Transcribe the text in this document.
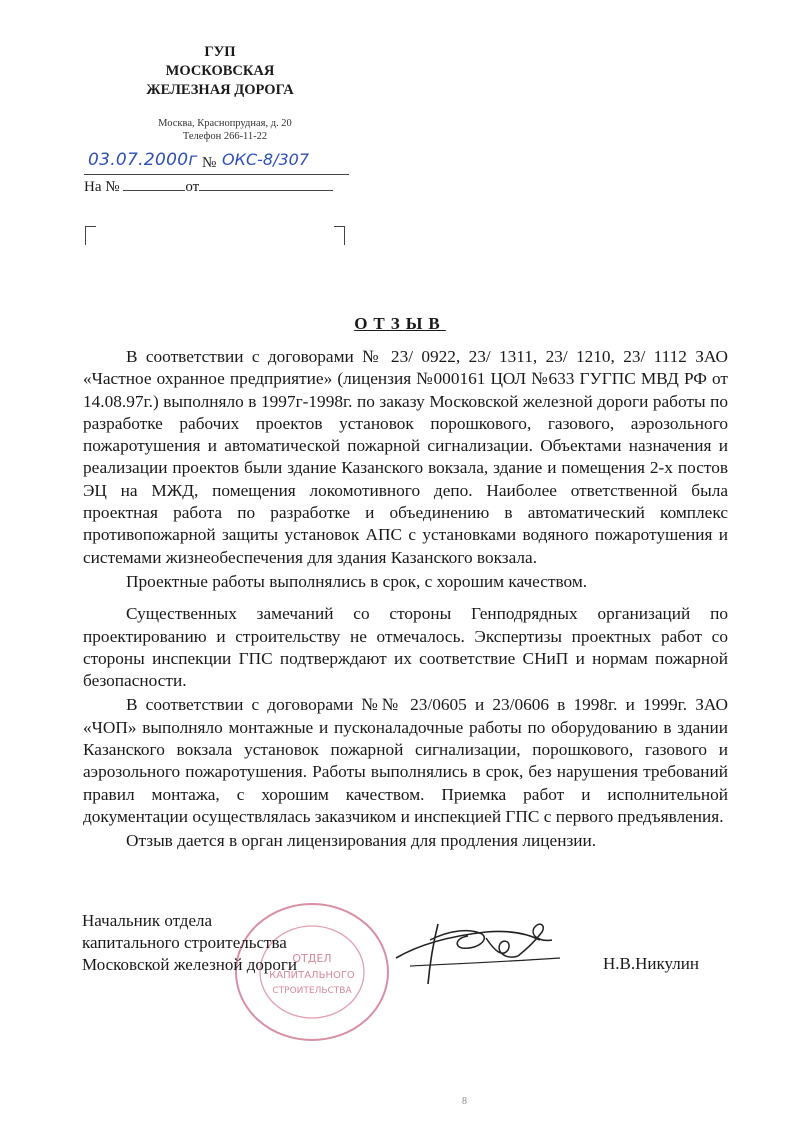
ГУП
МОСКОВСКАЯ
ЖЕЛЕЗНАЯ ДОРОГА
Москва, Краснопрудная, д. 20
Телефон 266-11-22
03.07.2000г № ОКС-8/307
На №	от
ОТЗЫВ

В соответствии с договорами № 23/ 0922, 23/ 1311, 23/ 1210, 23/ 1112 ЗАО «Частное охранное предприятие» (лицензия №000161 ЦОЛ №633 ГУГПС МВД РФ от 14.08.97г.) выполняло в 1997г-1998г. по заказу Московской железной дороги работы по разработке рабочих проектов установок порошкового, газового, аэрозольного пожаротушения и автоматической пожарной сигнализации. Объектами назначения и реализации проектов были здание Казанского вокзала, здание и помещения 2-х постов ЭЦ на МЖД, помещения локомотивного депо. Наиболее ответственной была проектная работа по разработке и объединению в автоматический комплекс противопожарной защиты установок АПС с установками водяного пожаротушения и системами жизнеобеспечения для здания Казанского вокзала.

Проектные работы выполнялись в срок, с хорошим качеством.

Существенных замечаний со стороны Генподрядных организаций по проектированию и строительству не отмечалось. Экспертизы проектных работ со стороны инспекции ГПС подтверждают их соответствие СНиП и нормам пожарной безопасности.

В соответствии с договорами №№ 23/0605 и 23/0606 в 1998г. и 1999г. ЗАО «ЧОП» выполняло монтажные и пусконаладочные работы по оборудованию в здании Казанского вокзала установок пожарной сигнализации, порошкового, газового и аэрозольного пожаротушения. Работы выполнялись в срок, без нарушения требований правил монтажа, с хорошим качеством. Приемка работ и исполнительной документации осуществлялась заказчиком и инспекцией ГПС с первого предъявления.

Отзыв дается в орган лицензирования для продления лицензии.

ОТДЕЛ
КАПИТАЛЬНОГО
СТРОИТЕЛЬСТВА
Начальник отдела
капитального строительства
Московской железной дороги	Н.В.Никулин
8
